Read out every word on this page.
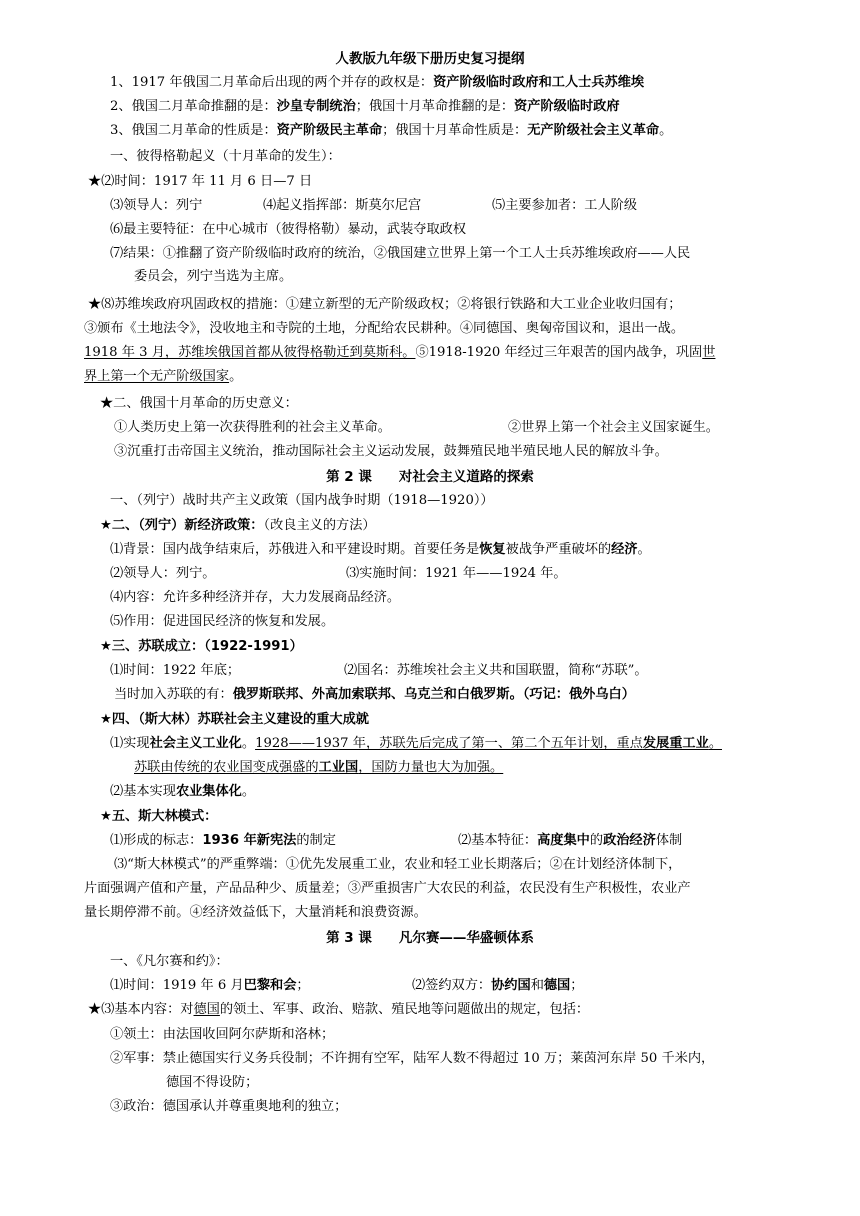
人教版九年级下册历史复习提纲
1、1917 年俄国二月革命后出现的两个并存的政权是：资产阶级临时政府和工人士兵苏维埃
2、俄国二月革命推翻的是：沙皇专制统治；俄国十月革命推翻的是：资产阶级临时政府
3、俄国二月革命的性质是：资产阶级民主革命；俄国十月革命性质是：无产阶级社会主义革命。
一、彼得格勒起义（十月革命的发生）：
★⑵时间：1917 年 11 月 6 日—7 日
⑶领导人：列宁	⑷起义指挥部：斯莫尔尼宫	⑸主要参加者：工人阶级
⑹最主要特征：在中心城市（彼得格勒）暴动，武装夺取政权
⑺结果：①推翻了资产阶级临时政府的统治，②俄国建立世界上第一个工人士兵苏维埃政府——人民
委员会，列宁当选为主席。
★⑻苏维埃政府巩固政权的措施：①建立新型的无产阶级政权；②将银行铁路和大工业企业收归国有；
③颁布《土地法令》，没收地主和寺院的土地，分配给农民耕种。④同德国、奥匈帝国议和，退出一战。
1918 年 3 月，苏维埃俄国首都从彼得格勒迁到莫斯科。⑤1918-1920 年经过三年艰苦的国内战争，巩固世
界上第一个无产阶级国家。
★二、俄国十月革命的历史意义：
①人类历史上第一次获得胜利的社会主义革命。	②世界上第一个社会主义国家诞生。
③沉重打击帝国主义统治，推动国际社会主义运动发展，鼓舞殖民地半殖民地人民的解放斗争。
第 2 课　　对社会主义道路的探索
一、（列宁）战时共产主义政策（国内战争时期（1918—1920））
★二、（列宁）新经济政策：（改良主义的方法）
⑴背景：国内战争结束后，苏俄进入和平建设时期。首要任务是恢复被战争严重破坏的经济。
⑵领导人：列宁。	⑶实施时间：1921 年——1924 年。
⑷内容：允许多种经济并存，大力发展商品经济。
⑸作用：促进国民经济的恢复和发展。
★三、苏联成立：（1922-1991）
⑴时间：1922 年底；	⑵国名：苏维埃社会主义共和国联盟，简称“苏联”。
当时加入苏联的有：俄罗斯联邦、外高加索联邦、乌克兰和白俄罗斯。（巧记：俄外乌白）
★四、（斯大林）苏联社会主义建设的重大成就
⑴实现社会主义工业化。1928——1937 年，苏联先后完成了第一、第二个五年计划，重点发展重工业。
苏联由传统的农业国变成强盛的工业国，国防力量也大为加强。
⑵基本实现农业集体化。
★五、斯大林模式：
⑴形成的标志：1936 年新宪法的制定	⑵基本特征：高度集中的政治经济体制
⑶“斯大林模式”的严重弊端：①优先发展重工业，农业和轻工业长期落后；②在计划经济体制下，
片面强调产值和产量，产品品种少、质量差；③严重损害广大农民的利益，农民没有生产积极性，农业产
量长期停滞不前。④经济效益低下，大量消耗和浪费资源。
第 3 课　　凡尔赛——华盛顿体系
一、《凡尔赛和约》：
⑴时间：1919 年 6 月巴黎和会；	⑵签约双方：协约国和德国；
★⑶基本内容：对德国的领土、军事、政治、赔款、殖民地等问题做出的规定，包括：
①领土：由法国收回阿尔萨斯和洛林；
②军事：禁止德国实行义务兵役制；不许拥有空军，陆军人数不得超过 10 万；莱茵河东岸 50 千米内，
德国不得设防；
③政治：德国承认并尊重奥地利的独立；
